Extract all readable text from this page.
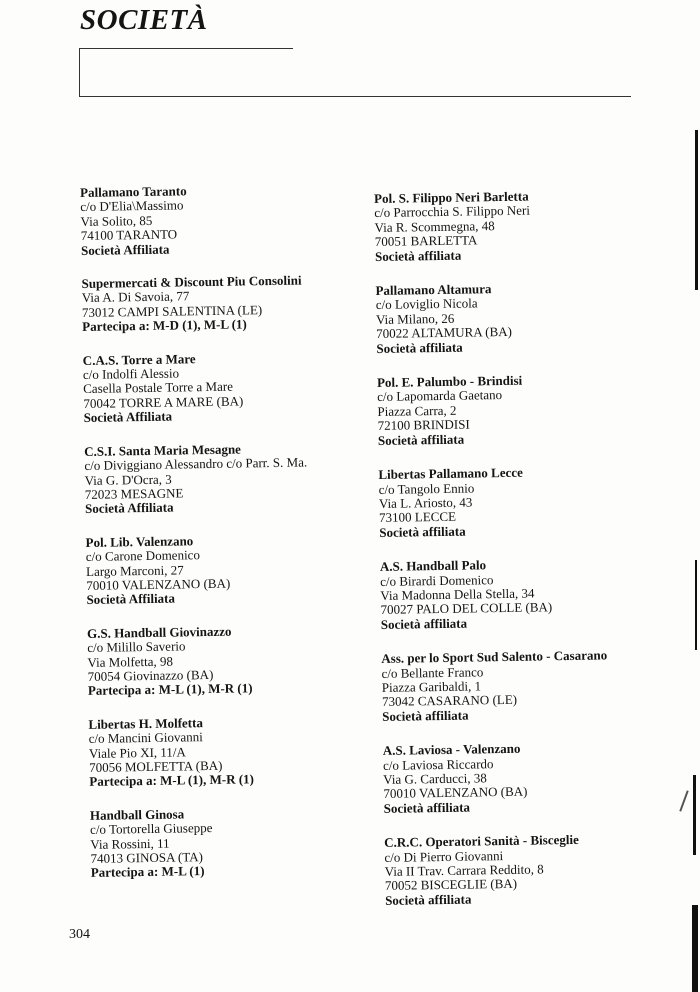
SOCIETÀ
Pallamano Taranto
c/o D'Elia\Massimo
Via Solito, 85
74100 TARANTO
Società Affiliata
Supermercati & Discount Piu Consolini
Via A. Di Savoia, 77
73012 CAMPI SALENTINA (LE)
Partecipa a: M-D (1), M-L (1)
C.A.S. Torre a Mare
c/o Indolfi Alessio
Casella Postale Torre a Mare
70042 TORRE A MARE (BA)
Società Affiliata
C.S.I. Santa Maria Mesagne
c/o Diviggiano Alessandro c/o Parr. S. Ma.
Via G. D'Ocra, 3
72023 MESAGNE
Società Affiliata
Pol. Lib. Valenzano
c/o Carone Domenico
Largo Marconi, 27
70010 VALENZANO (BA)
Società Affiliata
G.S. Handball Giovinazzo
c/o Milillo Saverio
Via Molfetta, 98
70054 Giovinazzo (BA)
Partecipa a: M-L (1), M-R (1)
Libertas H. Molfetta
c/o Mancini Giovanni
Viale Pio XI, 11/A
70056 MOLFETTA (BA)
Partecipa a: M-L (1), M-R (1)
Handball Ginosa
c/o Tortorella Giuseppe
Via Rossini, 11
74013 GINOSA (TA)
Partecipa a: M-L (1)
Pol. S. Filippo Neri Barletta
c/o Parrocchia S. Filippo Neri
Via R. Scommegna, 48
70051 BARLETTA
Società affiliata
Pallamano Altamura
c/o Loviglio Nicola
Via Milano, 26
70022 ALTAMURA (BA)
Società affiliata
Pol. E. Palumbo - Brindisi
c/o Lapomarda Gaetano
Piazza Carra, 2
72100 BRINDISI
Società affiliata
Libertas Pallamano Lecce
c/o Tangolo Ennio
Via L. Ariosto, 43
73100 LECCE
Società affiliata
A.S. Handball Palo
c/o Birardi Domenico
Via Madonna Della Stella, 34
70027 PALO DEL COLLE (BA)
Società affiliata
Ass. per lo Sport Sud Salento - Casarano
c/o Bellante Franco
Piazza Garibaldi, 1
73042 CASARANO (LE)
Società affiliata
A.S. Laviosa - Valenzano
c/o Laviosa Riccardo
Via G. Carducci, 38
70010 VALENZANO (BA)
Società affiliata
C.R.C. Operatori Sanità - Bisceglie
c/o Di Pierro Giovanni
Via II Trav. Carrara Reddito, 8
70052 BISCEGLIE (BA)
Società affiliata
304
